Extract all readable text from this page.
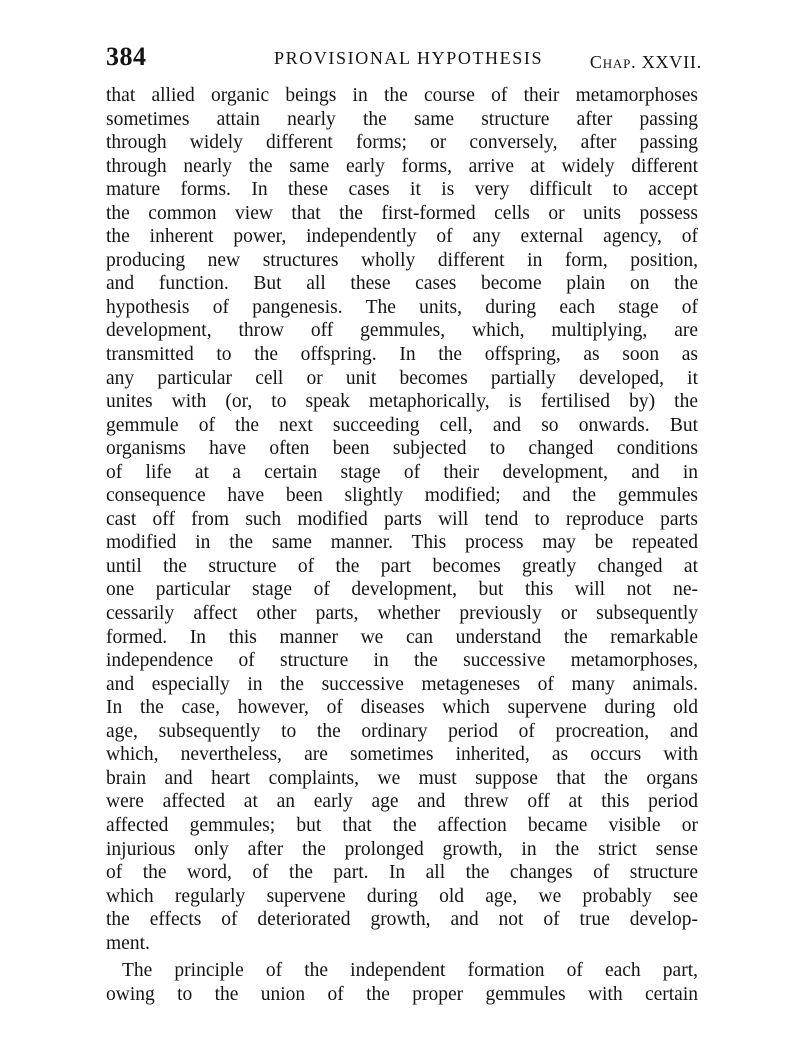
384	PROVISIONAL HYPOTHESIS	Chap. XXVII.
that allied organic beings in the course of their metamorphoses
sometimes attain nearly the same structure after passing
through widely different forms; or conversely, after passing
through nearly the same early forms, arrive at widely different
mature forms. In these cases it is very difficult to accept
the common view that the first-formed cells or units possess
the inherent power, independently of any external agency, of
producing new structures wholly different in form, position,
and function. But all these cases become plain on the
hypothesis of pangenesis. The units, during each stage of
development, throw off gemmules, which, multiplying, are
transmitted to the offspring. In the offspring, as soon as
any particular cell or unit becomes partially developed, it
unites with (or, to speak metaphorically, is fertilised by) the
gemmule of the next succeeding cell, and so onwards. But
organisms have often been subjected to changed conditions
of life at a certain stage of their development, and in
consequence have been slightly modified; and the gemmules
cast off from such modified parts will tend to reproduce parts
modified in the same manner. This process may be repeated
until the structure of the part becomes greatly changed at
one particular stage of development, but this will not ne-
cessarily affect other parts, whether previously or subsequently
formed. In this manner we can understand the remarkable
independence of structure in the successive metamorphoses,
and especially in the successive metageneses of many animals.
In the case, however, of diseases which supervene during old
age, subsequently to the ordinary period of procreation, and
which, nevertheless, are sometimes inherited, as occurs with
brain and heart complaints, we must suppose that the organs
were affected at an early age and threw off at this period
affected gemmules; but that the affection became visible or
injurious only after the prolonged growth, in the strict sense
of the word, of the part. In all the changes of structure
which regularly supervene during old age, we probably see
the effects of deteriorated growth, and not of true develop-
ment.
The principle of the independent formation of each part,
owing to the union of the proper gemmules with certain
